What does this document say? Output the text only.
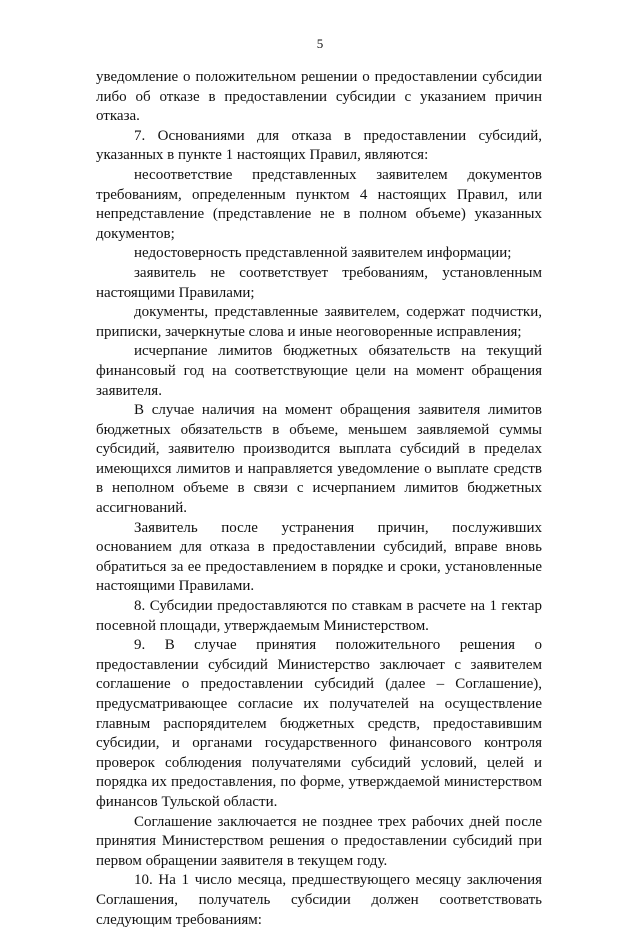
5

уведомление о положительном решении о предоставлении субсидии либо об отказе в предоставлении субсидии с указанием причин отказа.

7. Основаниями для отказа в предоставлении субсидий, указанных в пункте 1 настоящих Правил, являются:

несоответствие представленных заявителем документов требованиям, определенным пунктом 4 настоящих Правил, или непредставление (представление не в полном объеме) указанных документов;

недостоверность представленной заявителем информации;

заявитель не соответствует требованиям, установленным настоящими Правилами;

документы, представленные заявителем, содержат подчистки, приписки, зачеркнутые слова и иные неоговоренные исправления;

исчерпание лимитов бюджетных обязательств на текущий финансовый год на соответствующие цели на момент обращения заявителя.

В случае наличия на момент обращения заявителя лимитов бюджетных обязательств в объеме, меньшем заявляемой суммы субсидий, заявителю производится выплата субсидий в пределах имеющихся лимитов и направляется уведомление о выплате средств в неполном объеме в связи с исчерпанием лимитов бюджетных ассигнований.

Заявитель после устранения причин, послуживших основанием для отказа в предоставлении субсидий, вправе вновь обратиться за ее предоставлением в порядке и сроки, установленные настоящими Правилами.

8. Субсидии предоставляются по ставкам в расчете на 1 гектар посевной площади, утверждаемым Министерством.

9. В случае принятия положительного решения о предоставлении субсидий Министерство заключает с заявителем соглашение о предоставлении субсидий (далее – Соглашение), предусматривающее согласие их получателей на осуществление главным распорядителем бюджетных средств, предоставившим субсидии, и органами государственного финансового контроля проверок соблюдения получателями субсидий условий, целей и порядка их предоставления, по форме, утверждаемой министерством финансов Тульской области.

Соглашение заключается не позднее трех рабочих дней после принятия Министерством решения о предоставлении субсидий при первом обращении заявителя в текущем году.

10. На 1 число месяца, предшествующего месяцу заключения Соглашения, получатель субсидии должен соответствовать следующим требованиям:
